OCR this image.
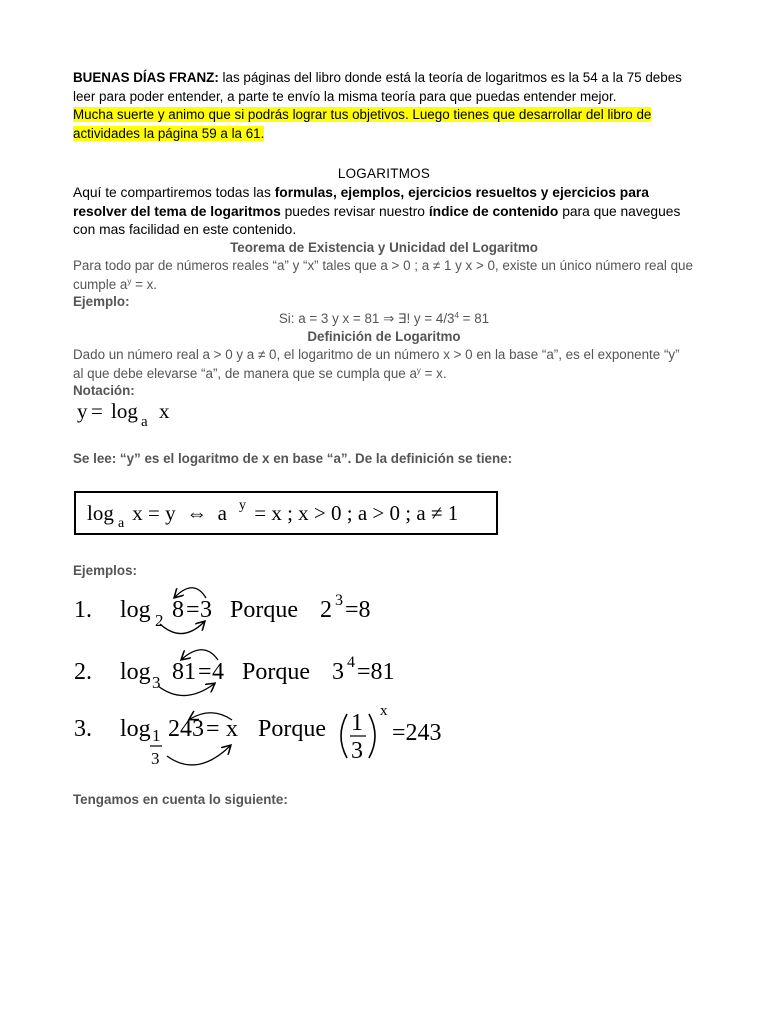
BUENAS DÍAS FRANZ: las páginas del libro donde está la teoría de logaritmos es la 54 a la 75 debes leer para poder entender, a parte te envío la misma teoría para que puedas entender mejor.
Mucha suerte y animo que si podrás lograr tus objetivos. Luego tienes que desarrollar del libro de actividades la página 59 a la 61.
LOGARITMOS
Aquí te compartiremos todas las formulas, ejemplos, ejercicios resueltos y ejercicios para resolver del tema de logaritmos puedes revisar nuestro índice de contenido para que navegues con mas facilidad en este contenido.
Teorema de Existencia y Unicidad del Logaritmo
Para todo par de números reales “a” y “x” tales que a > 0 ; a ≠ 1 y x > 0, existe un único número real que cumple $a^y = x$.
Ejemplo:
Si: a = 3 y x = 81 ⇒ ∃! $y = 4/3^4 = 81$
Definición de Logaritmo
Dado un número real a > 0 y a ≠ 0, el logaritmo de un número x > 0 en la base “a”, es el exponente “y” al que debe elevarse “a”, de manera que se cumpla que $a^y = x$.
Notación:
y = log a x
Se lee: “y” es el logaritmo de x en base “a”. De la definición se tiene:
log a x = y  ⇔  a y = x ; x > 0 ; a > 0 ; a ≠ 1
Ejemplos:
1. log 2 8 = 3 Porque 2 3 =8
2. log 3 81 = 4 Porque 3 4 =81
3. log 1
3
243 = x Porque 1
3
x
=243
Tengamos en cuenta lo siguiente:
